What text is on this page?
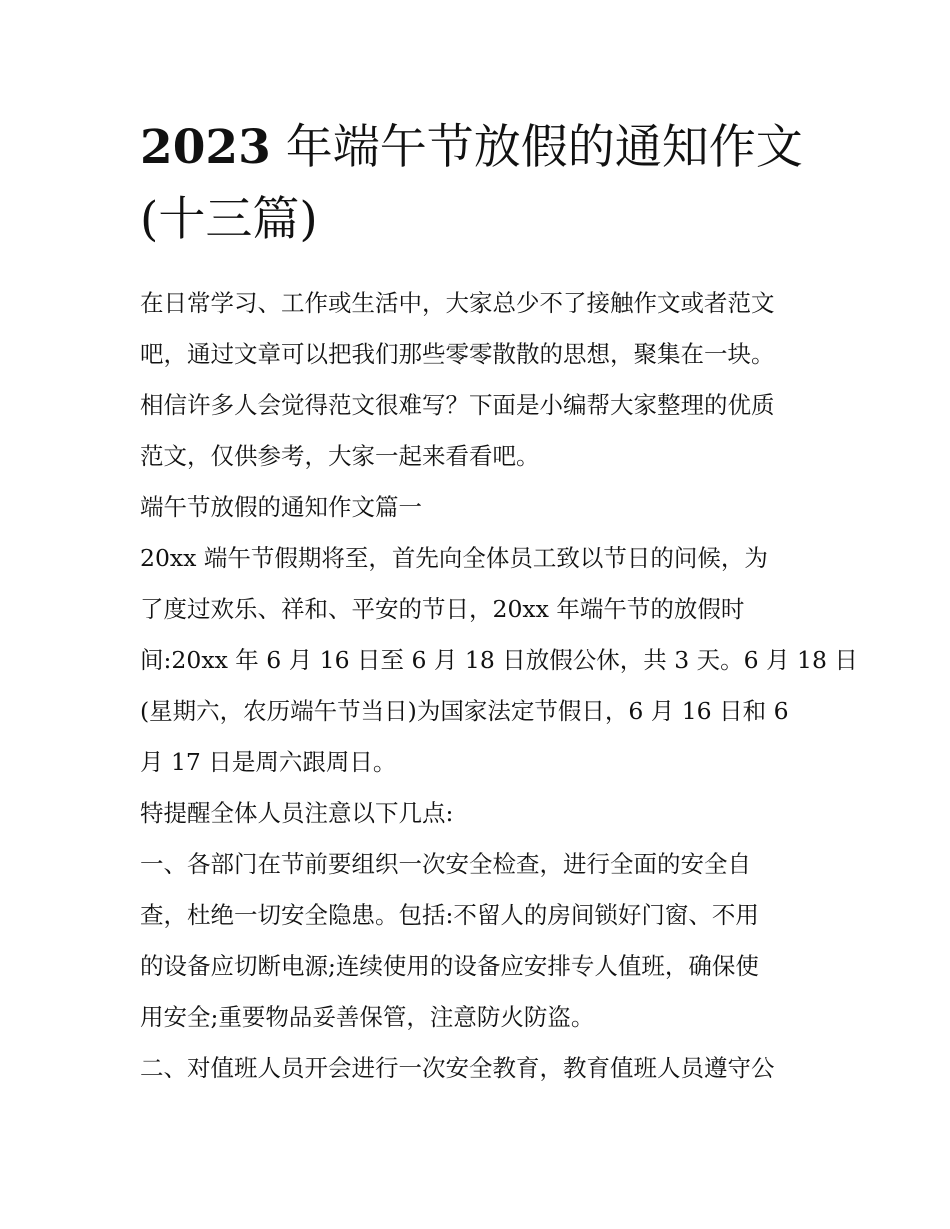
2023 年端午节放假的通知作文
(十三篇)

在日常学习、工作或生活中，大家总少不了接触作文或者范文
吧，通过文章可以把我们那些零零散散的思想，聚集在一块。
相信许多人会觉得范文很难写？下面是小编帮大家整理的优质
范文，仅供参考，大家一起来看看吧。

端午节放假的通知作文篇一

20xx 端午节假期将至，首先向全体员工致以节日的问候，为
了度过欢乐、祥和、平安的节日，20xx 年端午节的放假时
间:20xx 年 6 月 16 日至 6 月 18 日放假公休，共 3 天。6 月 18 日
(星期六，农历端午节当日)为国家法定节假日，6 月 16 日和 6
月 17 日是周六跟周日。

特提醒全体人员注意以下几点:

一、各部门在节前要组织一次安全检查，进行全面的安全自
查，杜绝一切安全隐患。包括:不留人的房间锁好门窗、不用
的设备应切断电源;连续使用的设备应安排专人值班，确保使
用安全;重要物品妥善保管，注意防火防盗。

二、对值班人员开会进行一次安全教育，教育值班人员遵守公
